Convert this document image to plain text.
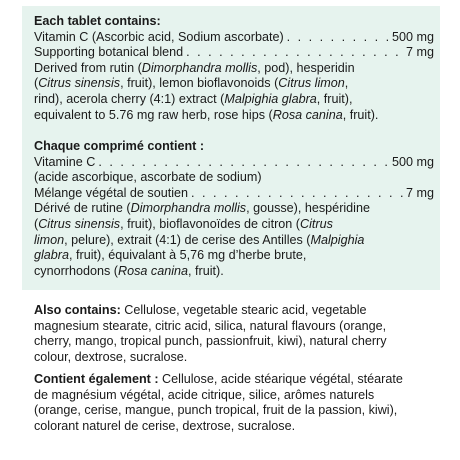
Each tablet contains:
Vitamin C (Ascorbic acid, Sodium ascorbate) . . .	500 mg
Supporting botanical blend . . .	7 mg
Derived from rutin (Dimorphandra mollis, pod), hesperidin
(Citrus sinensis, fruit), lemon bioflavonoids (Citrus limon,
rind), acerola cherry (4:1) extract (Malpighia glabra, fruit),
equivalent to 5.76 mg raw herb, rose hips (Rosa canina, fruit).
Chaque comprimé contient :
Vitamine C . . .	500 mg
(acide ascorbique, ascorbate de sodium)
Mélange végétal de soutien . . .	7 mg
Dérivé de rutine (Dimorphandra mollis, gousse), hespéridine
(Citrus sinensis, fruit), bioflavonoïdes de citron (Citrus
limon, pelure), extrait (4:1) de cerise des Antilles (Malpighia
glabra, fruit), équivalant à 5,76 mg d’herbe brute,
cynorrhodons (Rosa canina, fruit).
Also contains: Cellulose, vegetable stearic acid, vegetable
magnesium stearate, citric acid, silica, natural flavours (orange,
cherry, mango, tropical punch, passionfruit, kiwi), natural cherry
colour, dextrose, sucralose.
Contient également : Cellulose, acide stéarique végétal, stéarate
de magnésium végétal, acide citrique, silice, arômes naturels
(orange, cerise, mangue, punch tropical, fruit de la passion, kiwi),
colorant naturel de cerise, dextrose, sucralose.
